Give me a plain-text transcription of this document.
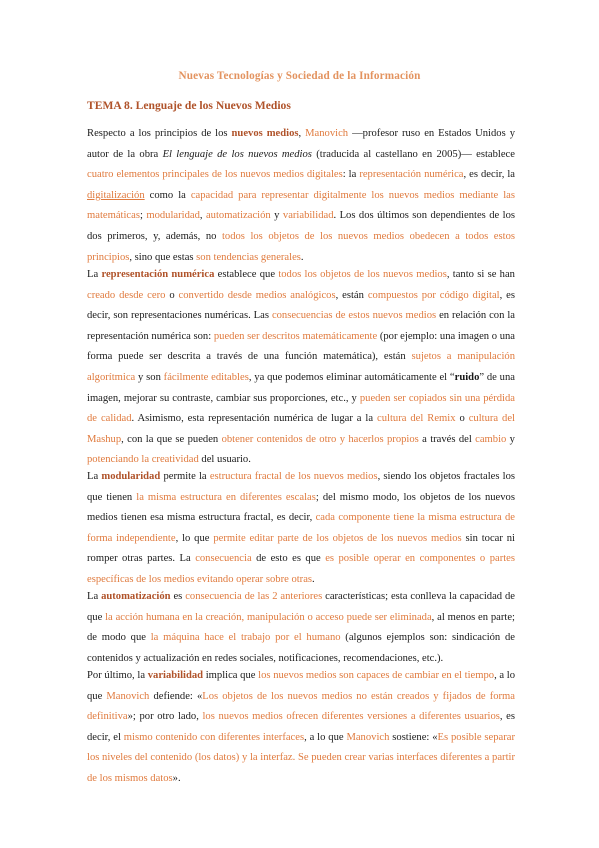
Nuevas Tecnologías y Sociedad de la Información
TEMA 8. Lenguaje de los Nuevos Medios
Respecto a los principios de los nuevos medios, Manovich —profesor ruso en Estados Unidos y autor de la obra El lenguaje de los nuevos medios (traducida al castellano en 2005)— establece cuatro elementos principales de los nuevos medios digitales: la representación numérica, es decir, la digitalización como la capacidad para representar digitalmente los nuevos medios mediante las matemáticas; modularidad, automatización y variabilidad. Los dos últimos son dependientes de los dos primeros, y, además, no todos los objetos de los nuevos medios obedecen a todos estos principios, sino que estas son tendencias generales.
La representación numérica establece que todos los objetos de los nuevos medios, tanto si se han creado desde cero o convertido desde medios analógicos, están compuestos por código digital, es decir, son representaciones numéricas. Las consecuencias de estos nuevos medios en relación con la representación numérica son: pueden ser descritos matemáticamente (por ejemplo: una imagen o una forma puede ser descrita a través de una función matemática), están sujetos a manipulación algorítmica y son fácilmente editables, ya que podemos eliminar automáticamente el “ruido” de una imagen, mejorar su contraste, cambiar sus proporciones, etc., y pueden ser copiados sin una pérdida de calidad. Asimismo, esta representación numérica de lugar a la cultura del Remix o cultura del Mashup, con la que se pueden obtener contenidos de otro y hacerlos propios a través del cambio y potenciando la creatividad del usuario.
La modularidad permite la estructura fractal de los nuevos medios, siendo los objetos fractales los que tienen la misma estructura en diferentes escalas; del mismo modo, los objetos de los nuevos medios tienen esa misma estructura fractal, es decir, cada componente tiene la misma estructura de forma independiente, lo que permite editar parte de los objetos de los nuevos medios sin tocar ni romper otras partes. La consecuencia de esto es que es posible operar en componentes o partes específicas de los medios evitando operar sobre otras.
La automatización es consecuencia de las 2 anteriores características; esta conlleva la capacidad de que la acción humana en la creación, manipulación o acceso puede ser eliminada, al menos en parte; de modo que la máquina hace el trabajo por el humano (algunos ejemplos son: sindicación de contenidos y actualización en redes sociales, notificaciones, recomendaciones, etc.).
Por último, la variabilidad implica que los nuevos medios son capaces de cambiar en el tiempo, a lo que Manovich defiende: «Los objetos de los nuevos medios no están creados y fijados de forma definitiva»; por otro lado, los nuevos medios ofrecen diferentes versiones a diferentes usuarios, es decir, el mismo contenido con diferentes interfaces, a lo que Manovich sostiene: «Es posible separar los niveles del contenido (los datos) y la interfaz. Se pueden crear varias interfaces diferentes a partir de los mismos datos».
